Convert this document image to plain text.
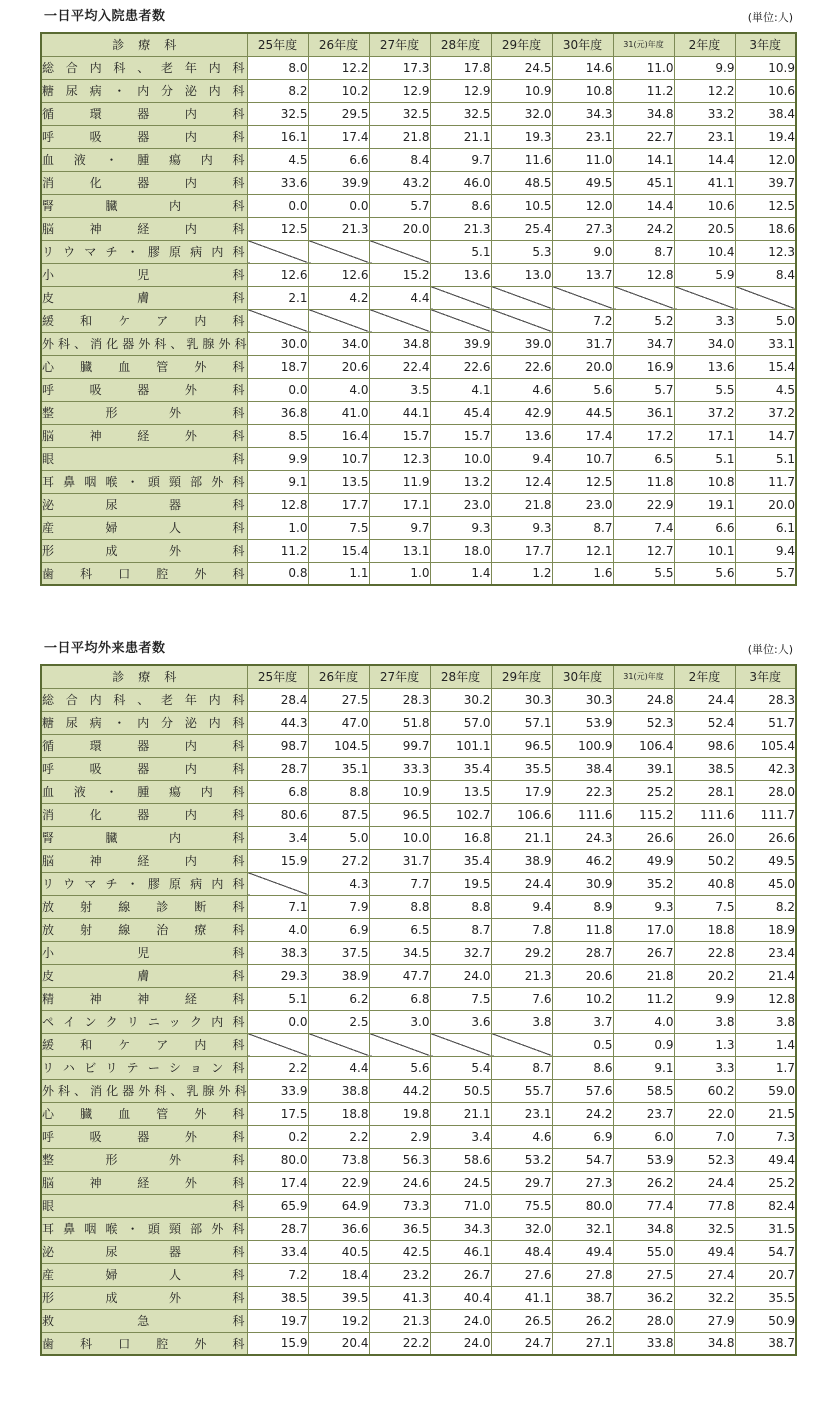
一日平均入院患者数	(単位:人)
診療科	25年度	26年度	27年度	28年度	29年度	30年度	31(元)年度	2年度	3年度
総合内科、老年内科	8.0	12.2	17.3	17.8	24.5	14.6	11.0	9.9	10.9
糖尿病・内分泌内科	8.2	10.2	12.9	12.9	10.9	10.8	11.2	12.2	10.6
循環器内科	32.5	29.5	32.5	32.5	32.0	34.3	34.8	33.2	38.4
呼吸器内科	16.1	17.4	21.8	21.1	19.3	23.1	22.7	23.1	19.4
血液・腫瘍内科	4.5	6.6	8.4	9.7	11.6	11.0	14.1	14.4	12.0
消化器内科	33.6	39.9	43.2	46.0	48.5	49.5	45.1	41.1	39.7
腎臓内科	0.0	0.0	5.7	8.6	10.5	12.0	14.4	10.6	12.5
脳神経内科	12.5	21.3	20.0	21.3	25.4	27.3	24.2	20.5	18.6
リウマチ・膠原病内科				5.1	5.3	9.0	8.7	10.4	12.3
小児科	12.6	12.6	15.2	13.6	13.0	13.7	12.8	5.9	8.4
皮膚科	2.1	4.2	4.4						
緩和ケア内科						7.2	5.2	3.3	5.0
外科、消化器外科、乳腺外科	30.0	34.0	34.8	39.9	39.0	31.7	34.7	34.0	33.1
心臓血管外科	18.7	20.6	22.4	22.6	22.6	20.0	16.9	13.6	15.4
呼吸器外科	0.0	4.0	3.5	4.1	4.6	5.6	5.7	5.5	4.5
整形外科	36.8	41.0	44.1	45.4	42.9	44.5	36.1	37.2	37.2
脳神経外科	8.5	16.4	15.7	15.7	13.6	17.4	17.2	17.1	14.7
眼科	9.9	10.7	12.3	10.0	9.4	10.7	6.5	5.1	5.1
耳鼻咽喉・頭頸部外科	9.1	13.5	11.9	13.2	12.4	12.5	11.8	10.8	11.7
泌尿器科	12.8	17.7	17.1	23.0	21.8	23.0	22.9	19.1	20.0
産婦人科	1.0	7.5	9.7	9.3	9.3	8.7	7.4	6.6	6.1
形成外科	11.2	15.4	13.1	18.0	17.7	12.1	12.7	10.1	9.4
歯科口腔外科	0.8	1.1	1.0	1.4	1.2	1.6	5.5	5.6	5.7
一日平均外来患者数	(単位:人)
診療科	25年度	26年度	27年度	28年度	29年度	30年度	31(元)年度	2年度	3年度
総合内科、老年内科	28.4	27.5	28.3	30.2	30.3	30.3	24.8	24.4	28.3
糖尿病・内分泌内科	44.3	47.0	51.8	57.0	57.1	53.9	52.3	52.4	51.7
循環器内科	98.7	104.5	99.7	101.1	96.5	100.9	106.4	98.6	105.4
呼吸器内科	28.7	35.1	33.3	35.4	35.5	38.4	39.1	38.5	42.3
血液・腫瘍内科	6.8	8.8	10.9	13.5	17.9	22.3	25.2	28.1	28.0
消化器内科	80.6	87.5	96.5	102.7	106.6	111.6	115.2	111.6	111.7
腎臓内科	3.4	5.0	10.0	16.8	21.1	24.3	26.6	26.0	26.6
脳神経内科	15.9	27.2	31.7	35.4	38.9	46.2	49.9	50.2	49.5
リウマチ・膠原病内科		4.3	7.7	19.5	24.4	30.9	35.2	40.8	45.0
放射線診断科	7.1	7.9	8.8	8.8	9.4	8.9	9.3	7.5	8.2
放射線治療科	4.0	6.9	6.5	8.7	7.8	11.8	17.0	18.8	18.9
小児科	38.3	37.5	34.5	32.7	29.2	28.7	26.7	22.8	23.4
皮膚科	29.3	38.9	47.7	24.0	21.3	20.6	21.8	20.2	21.4
精神神経科	5.1	6.2	6.8	7.5	7.6	10.2	11.2	9.9	12.8
ペインクリニック内科	0.0	2.5	3.0	3.6	3.8	3.7	4.0	3.8	3.8
緩和ケア内科						0.5	0.9	1.3	1.4
リハビリテーション科	2.2	4.4	5.6	5.4	8.7	8.6	9.1	3.3	1.7
外科、消化器外科、乳腺外科	33.9	38.8	44.2	50.5	55.7	57.6	58.5	60.2	59.0
心臓血管外科	17.5	18.8	19.8	21.1	23.1	24.2	23.7	22.0	21.5
呼吸器外科	0.2	2.2	2.9	3.4	4.6	6.9	6.0	7.0	7.3
整形外科	80.0	73.8	56.3	58.6	53.2	54.7	53.9	52.3	49.4
脳神経外科	17.4	22.9	24.6	24.5	29.7	27.3	26.2	24.4	25.2
眼科	65.9	64.9	73.3	71.0	75.5	80.0	77.4	77.8	82.4
耳鼻咽喉・頭頸部外科	28.7	36.6	36.5	34.3	32.0	32.1	34.8	32.5	31.5
泌尿器科	33.4	40.5	42.5	46.1	48.4	49.4	55.0	49.4	54.7
産婦人科	7.2	18.4	23.2	26.7	27.6	27.8	27.5	27.4	20.7
形成外科	38.5	39.5	41.3	40.4	41.1	38.7	36.2	32.2	35.5
救急科	19.7	19.2	21.3	24.0	26.5	26.2	28.0	27.9	50.9
歯科口腔外科	15.9	20.4	22.2	24.0	24.7	27.1	33.8	34.8	38.7
